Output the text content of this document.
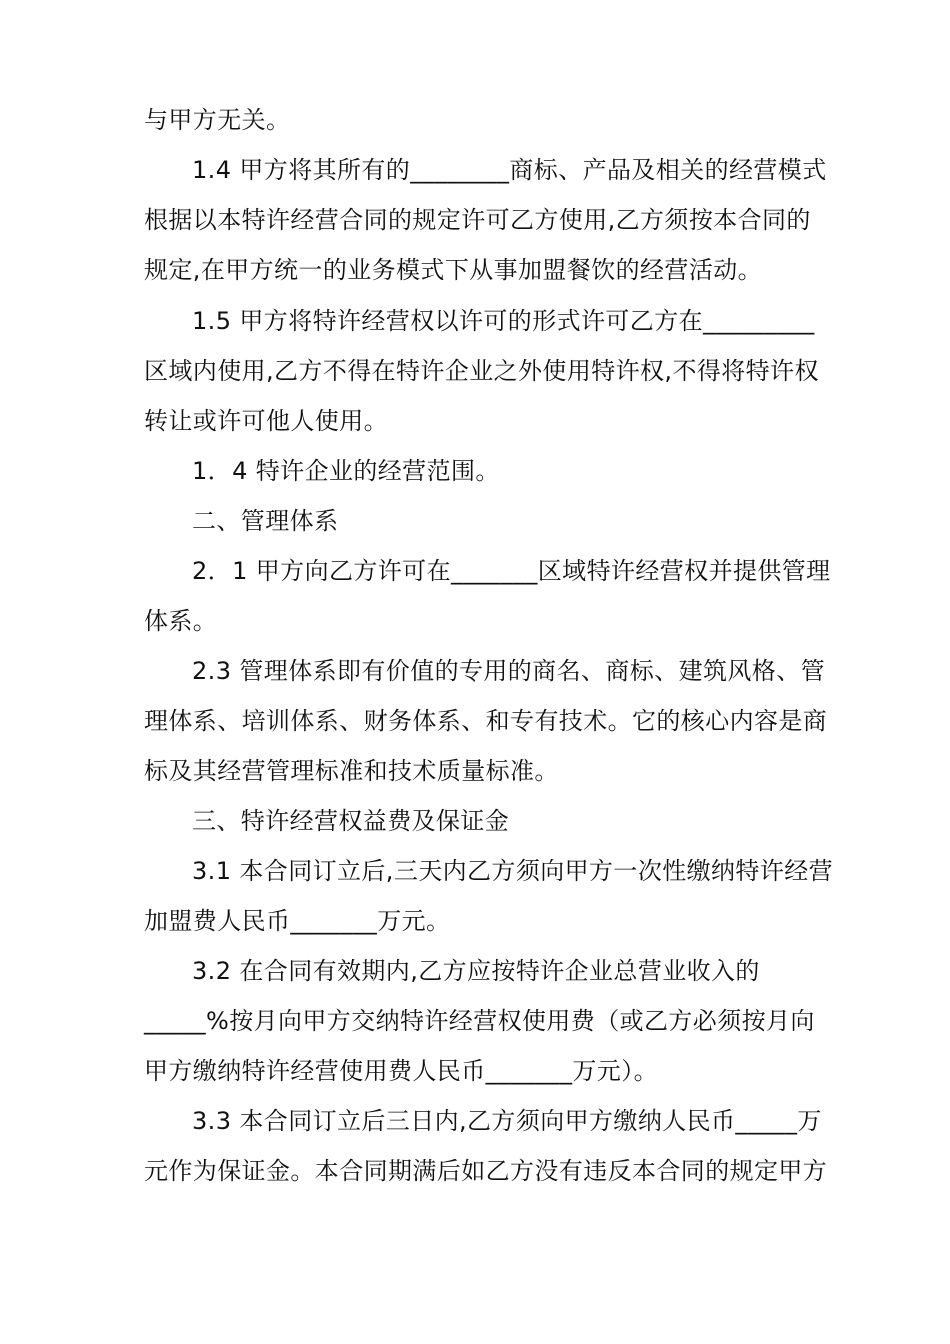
与甲方无关。
1.4 甲方将其所有的________商标、产品及相关的经营模式
根据以本特许经营合同的规定许可乙方使用,乙方须按本合同的
规定,在甲方统一的业务模式下从事加盟餐饮的经营活动。
1.5 甲方将特许经营权以许可的形式许可乙方在_________
区域内使用,乙方不得在特许企业之外使用特许权,不得将特许权
转让或许可他人使用。
1．4 特许企业的经营范围。
二、管理体系
2．1 甲方向乙方许可在_______区域特许经营权并提供管理
体系。
2.3 管理体系即有价值的专用的商名、商标、建筑风格、管
理体系、培训体系、财务体系、和专有技术。它的核心内容是商
标及其经营管理标准和技术质量标准。
三、特许经营权益费及保证金
3.1 本合同订立后,三天内乙方须向甲方一次性缴纳特许经营
加盟费人民币_______万元。
3.2 在合同有效期内,乙方应按特许企业总营业收入的
_____%按月向甲方交纳特许经营权使用费（或乙方必须按月向
甲方缴纳特许经营使用费人民币_______万元）。
3.3 本合同订立后三日内,乙方须向甲方缴纳人民币_____万
元作为保证金。本合同期满后如乙方没有违反本合同的规定甲方
